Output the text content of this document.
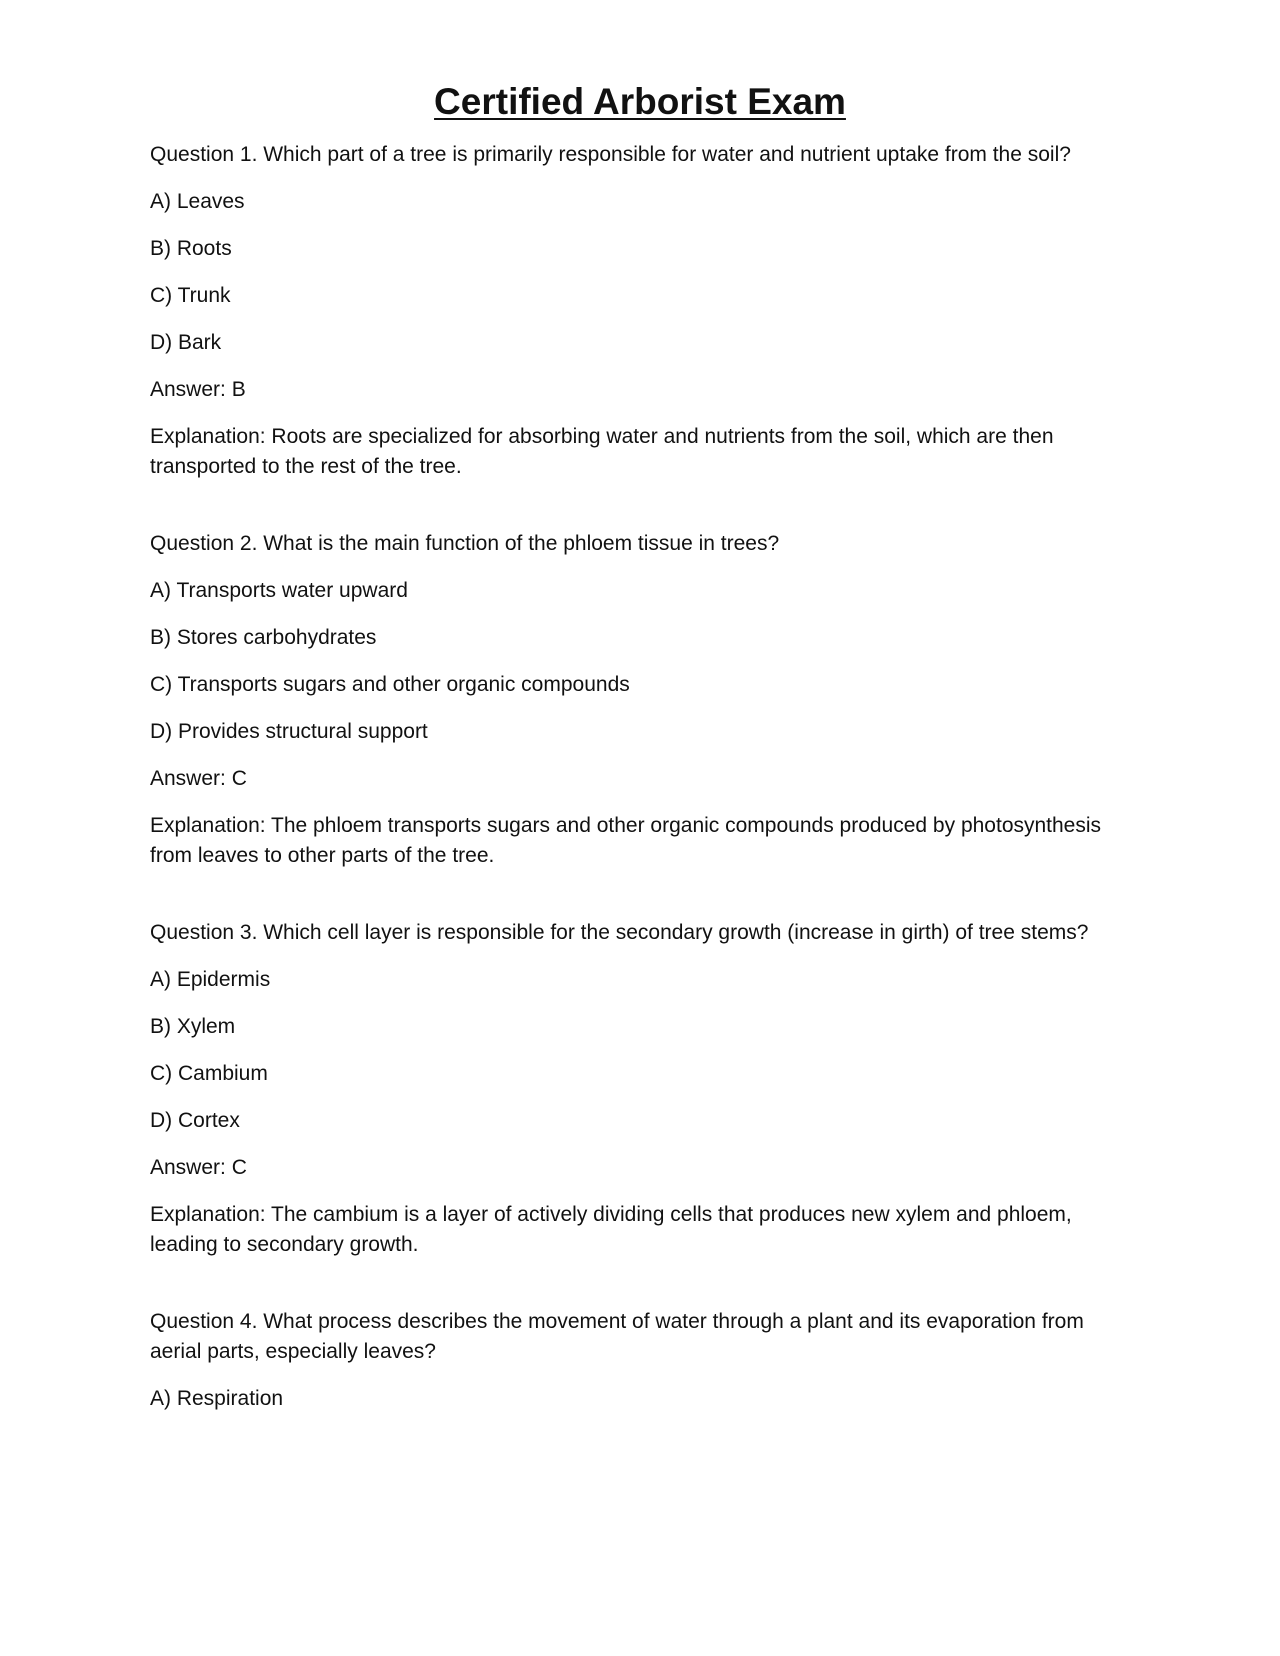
Certified Arborist Exam

Question 1. Which part of a tree is primarily responsible for water and nutrient uptake from the soil?

A) Leaves

B) Roots

C) Trunk

D) Bark

Answer: B

Explanation: Roots are specialized for absorbing water and nutrients from the soil, which are then transported to the rest of the tree.

Question 2. What is the main function of the phloem tissue in trees?

A) Transports water upward

B) Stores carbohydrates

C) Transports sugars and other organic compounds

D) Provides structural support

Answer: C

Explanation: The phloem transports sugars and other organic compounds produced by photosynthesis from leaves to other parts of the tree.

Question 3. Which cell layer is responsible for the secondary growth (increase in girth) of tree stems?

A) Epidermis

B) Xylem

C) Cambium

D) Cortex

Answer: C

Explanation: The cambium is a layer of actively dividing cells that produces new xylem and phloem, leading to secondary growth.

Question 4. What process describes the movement of water through a plant and its evaporation from aerial parts, especially leaves?

A) Respiration
